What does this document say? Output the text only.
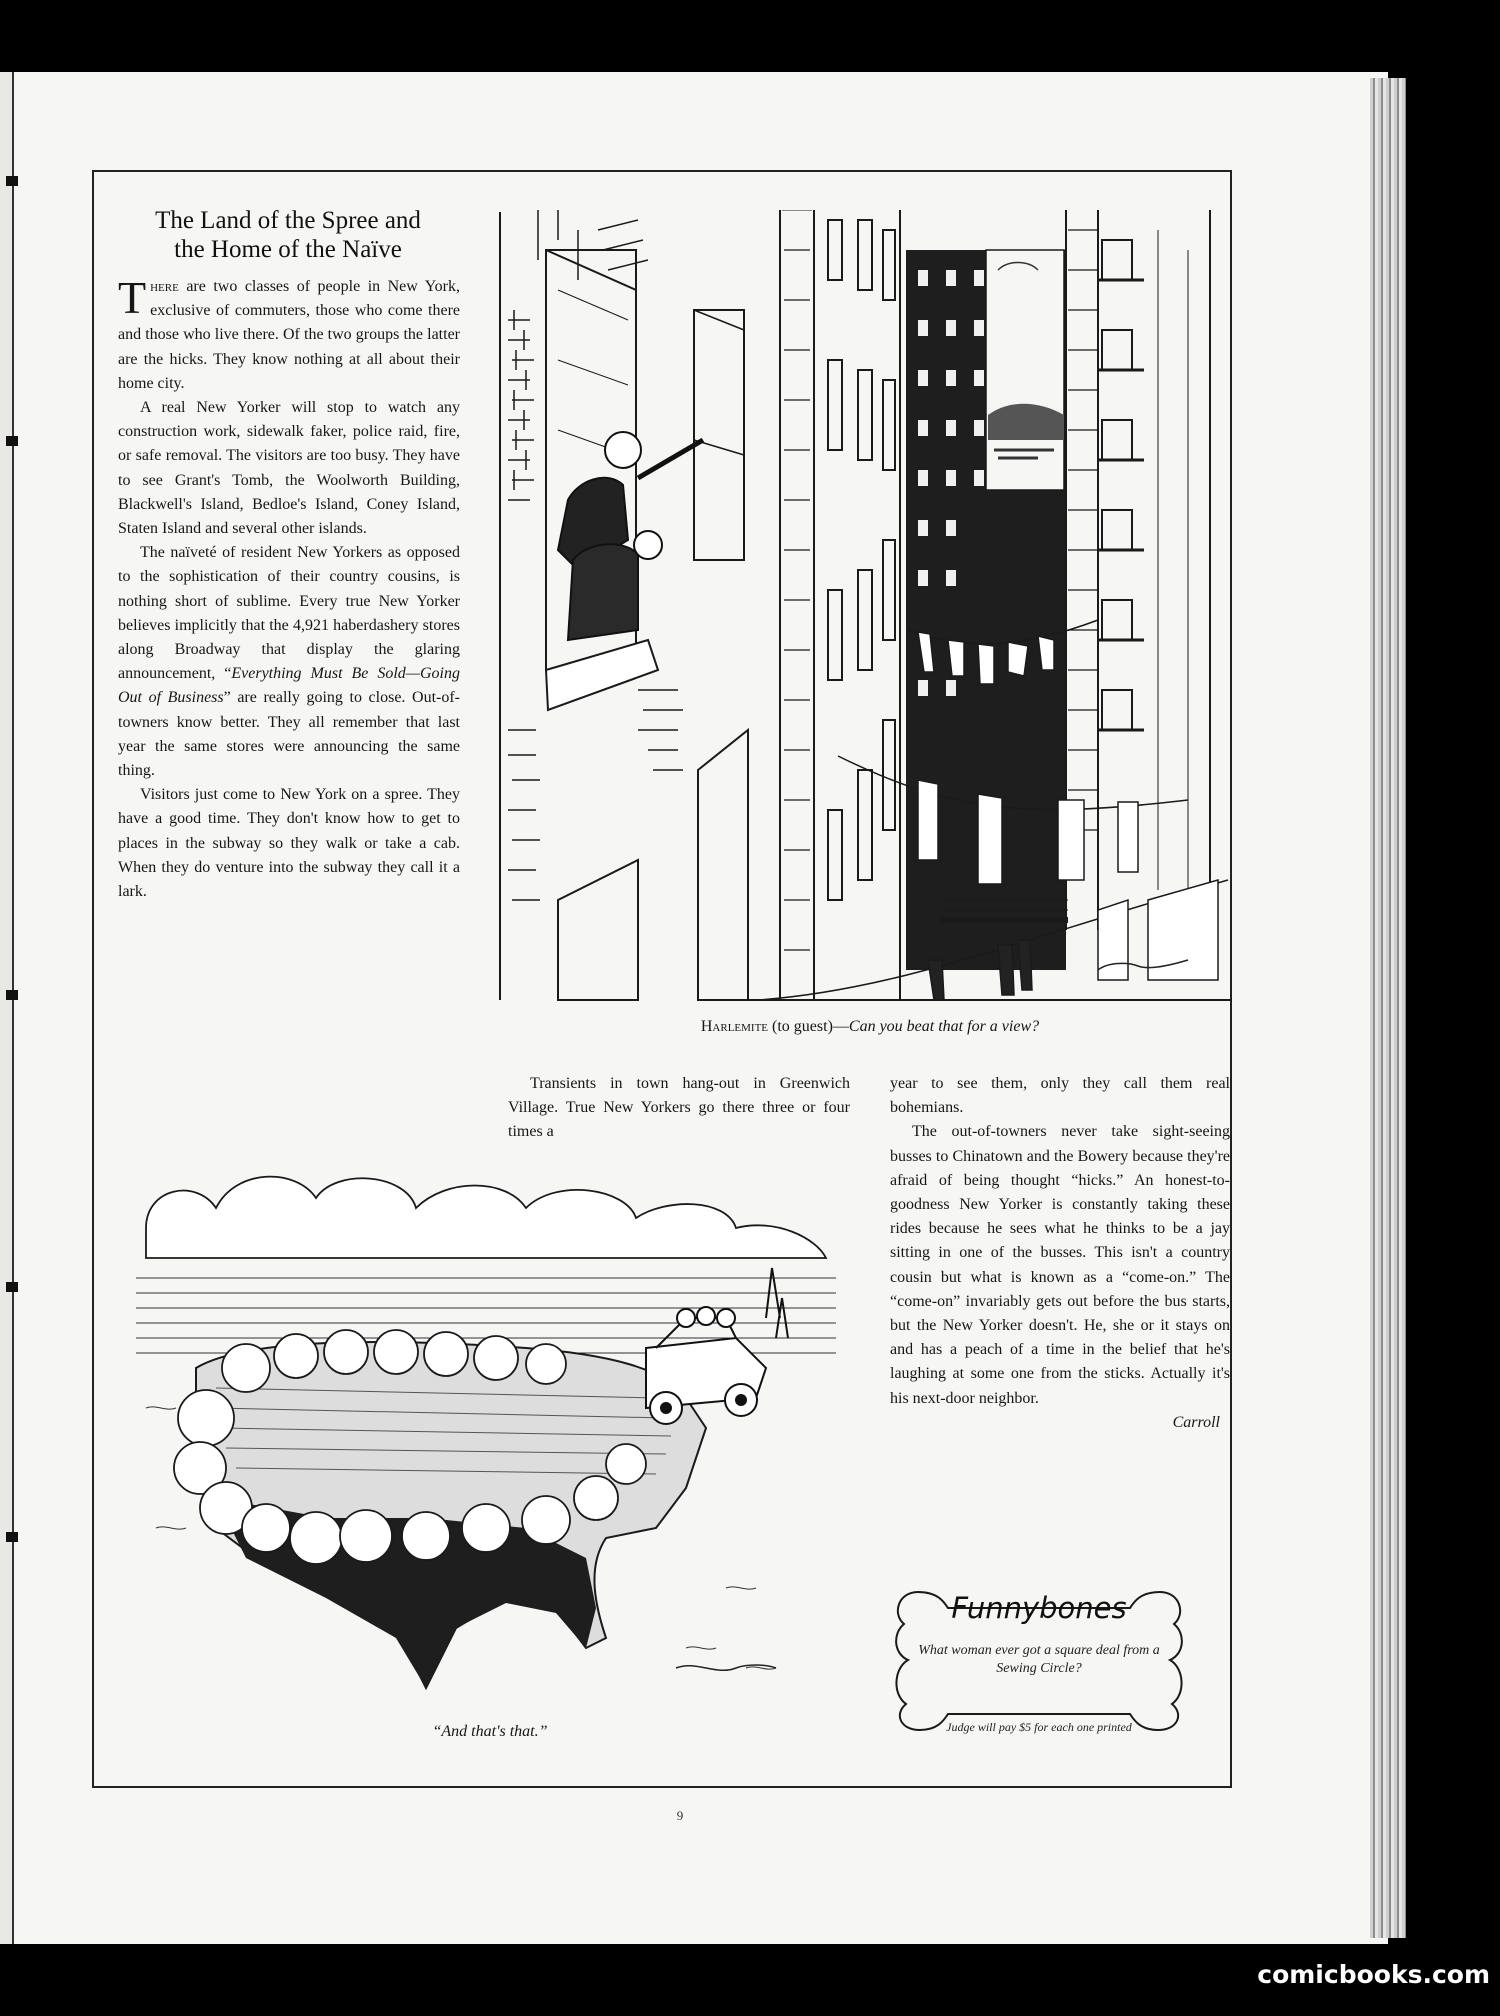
The Land of the Spree and
the Home of the Naïve

There are two classes of people in New York, exclusive of commuters, those who come there and those who live there. Of the two groups the latter are the hicks. They know nothing at all about their home city.

A real New Yorker will stop to watch any construction work, sidewalk faker, police raid, fire, or safe removal. The visitors are too busy. They have to see Grant's Tomb, the Woolworth Building, Blackwell's Island, Bedloe's Island, Coney Island, Staten Island and several other islands.

The naïveté of resident New Yorkers as opposed to the sophistication of their country cousins, is nothing short of sublime. Every true New Yorker believes implicitly that the 4,921 haberdashery stores along Broadway that display the glaring announcement, “Everything Must Be Sold—Going Out of Business” are really going to close. Out-of-towners know better. They all remember that last year the same stores were announcing the same thing.

Visitors just come to New York on a spree. They have a good time. They don't know how to get to places in the subway so they walk or take a cab. When they do venture into the subway they call it a lark.

Transients in town hang-out in Greenwich Village. True New Yorkers go there three or four times a

year to see them, only they call them real bohemians.

The out-of-towners never take sight-seeing busses to Chinatown and the Bowery because they're afraid of being thought “hicks.” An honest-to-goodness New Yorker is constantly taking these rides because he sees what he thinks to be a jay sitting in one of the busses. This isn't a country cousin but what is known as a “come-on.” The “come-on” invariably gets out before the bus starts, but the New Yorker doesn't. He, she or it stays on and has a peach of a time in the belief that he's laughing at some one from the sticks. Actually it's his next-door neighbor.

Carroll
Harlemite (to guest)—Can you beat that for a view?
“And that's that.”
Funnybones
What woman ever got a square deal from a Sewing Circle?
Judge will pay $5 for each one printed
9
comicbooks.com
